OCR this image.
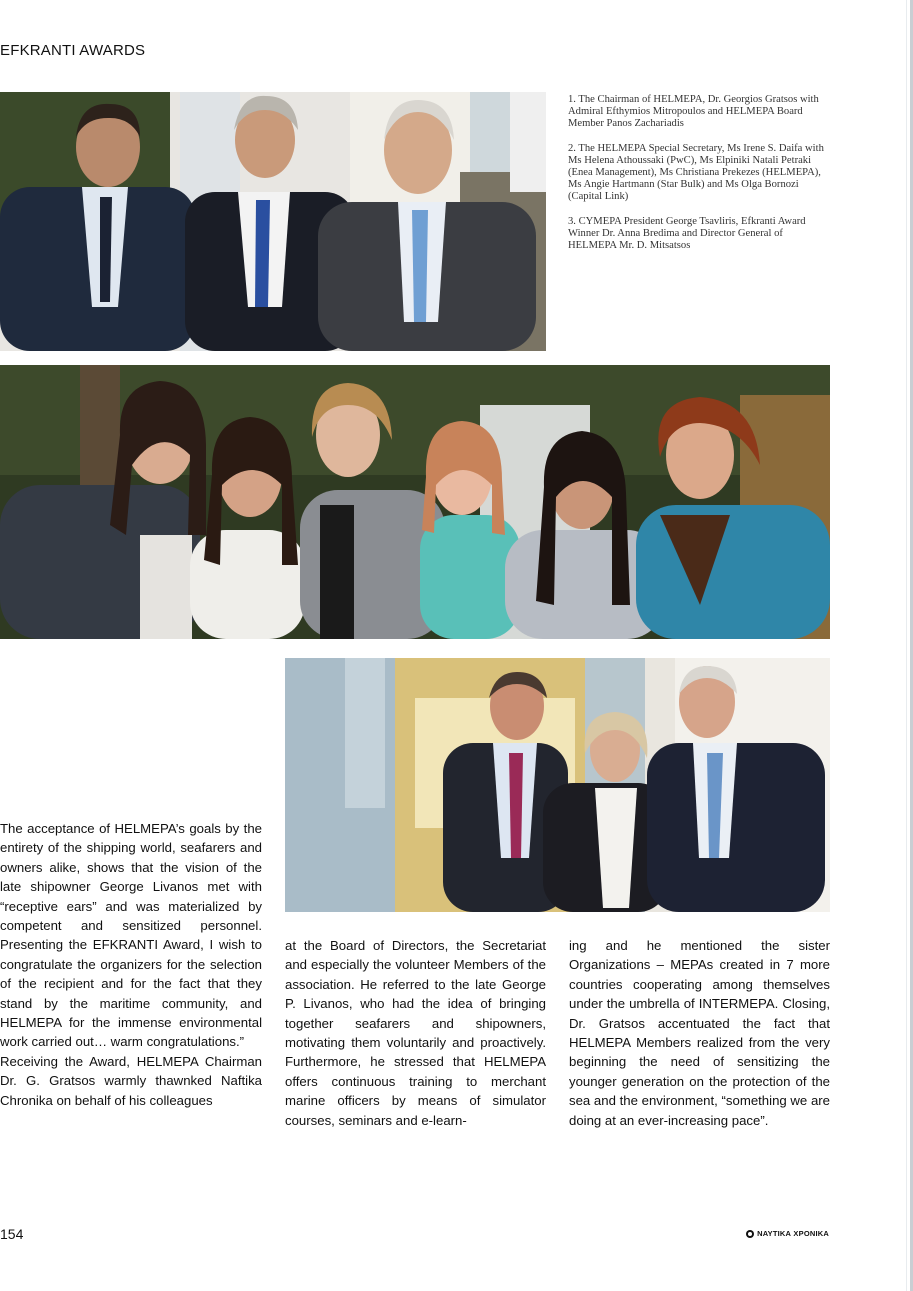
EFKRANTI AWARDS

1. The Chairman of HELMEPA, Dr. Georgios Gratsos with Admiral Efthymios Mitropoulos and HELMEPA Board Member Panos Zachariadis

2. The HELMEPA Special Secretary, Ms Irene S. Daifa with Ms Helena Athoussaki (PwC), Ms Elpiniki Natali Petraki (Enea Management), Ms Christiana Prekezes (HELMEPA), Ms Angie Hartmann (Star Bulk) and Ms Olga Bornozi (Capital Link)

3. CYMEPA President George Tsavliris, Efkranti Award Winner Dr. Anna Bredima and Director General of HELMEPA Mr. D. Mitsatsos

The acceptance of HELMEPA’s goals by the entirety of the shipping world, seafarers and owners alike, shows that the vision of the late shipowner George Livanos met with “receptive ears” and was materialized by competent and sensitized personnel. Presenting the EFKRANTI Award, I wish to congratulate the organizers for the selection of the recipient and for the fact that they stand by the maritime community, and HELMEPA for the immense environmental work carried out… warm congratulations.”

Receiving the Award, HELMEPA Chairman Dr. G. Gratsos warmly thawnked Naftika Chronika on behalf of his colleagues

at the Board of Directors, the Secretariat and especially the volunteer Members of the association. He referred to the late George P. Livanos, who had the idea of bringing together seafarers and shipowners, motivating them voluntarily and proactively. Furthermore, he stressed that HELMEPA offers continuous training to merchant marine officers by means of simulator courses, seminars and e-learn-

ing and he mentioned the sister Organizations – MEPAs created in 7 more countries cooperating among themselves under the umbrella of INTERMEPA. Closing, Dr. Gratsos accentuated the fact that HELMEPA Members realized from the very beginning the need of sensitizing the younger generation on the protection of the sea and the environment, “something we are doing at an ever-increasing pace”.

154	ΝΑΥΤΙΚΑ ΧΡΟΝΙΚΑ
